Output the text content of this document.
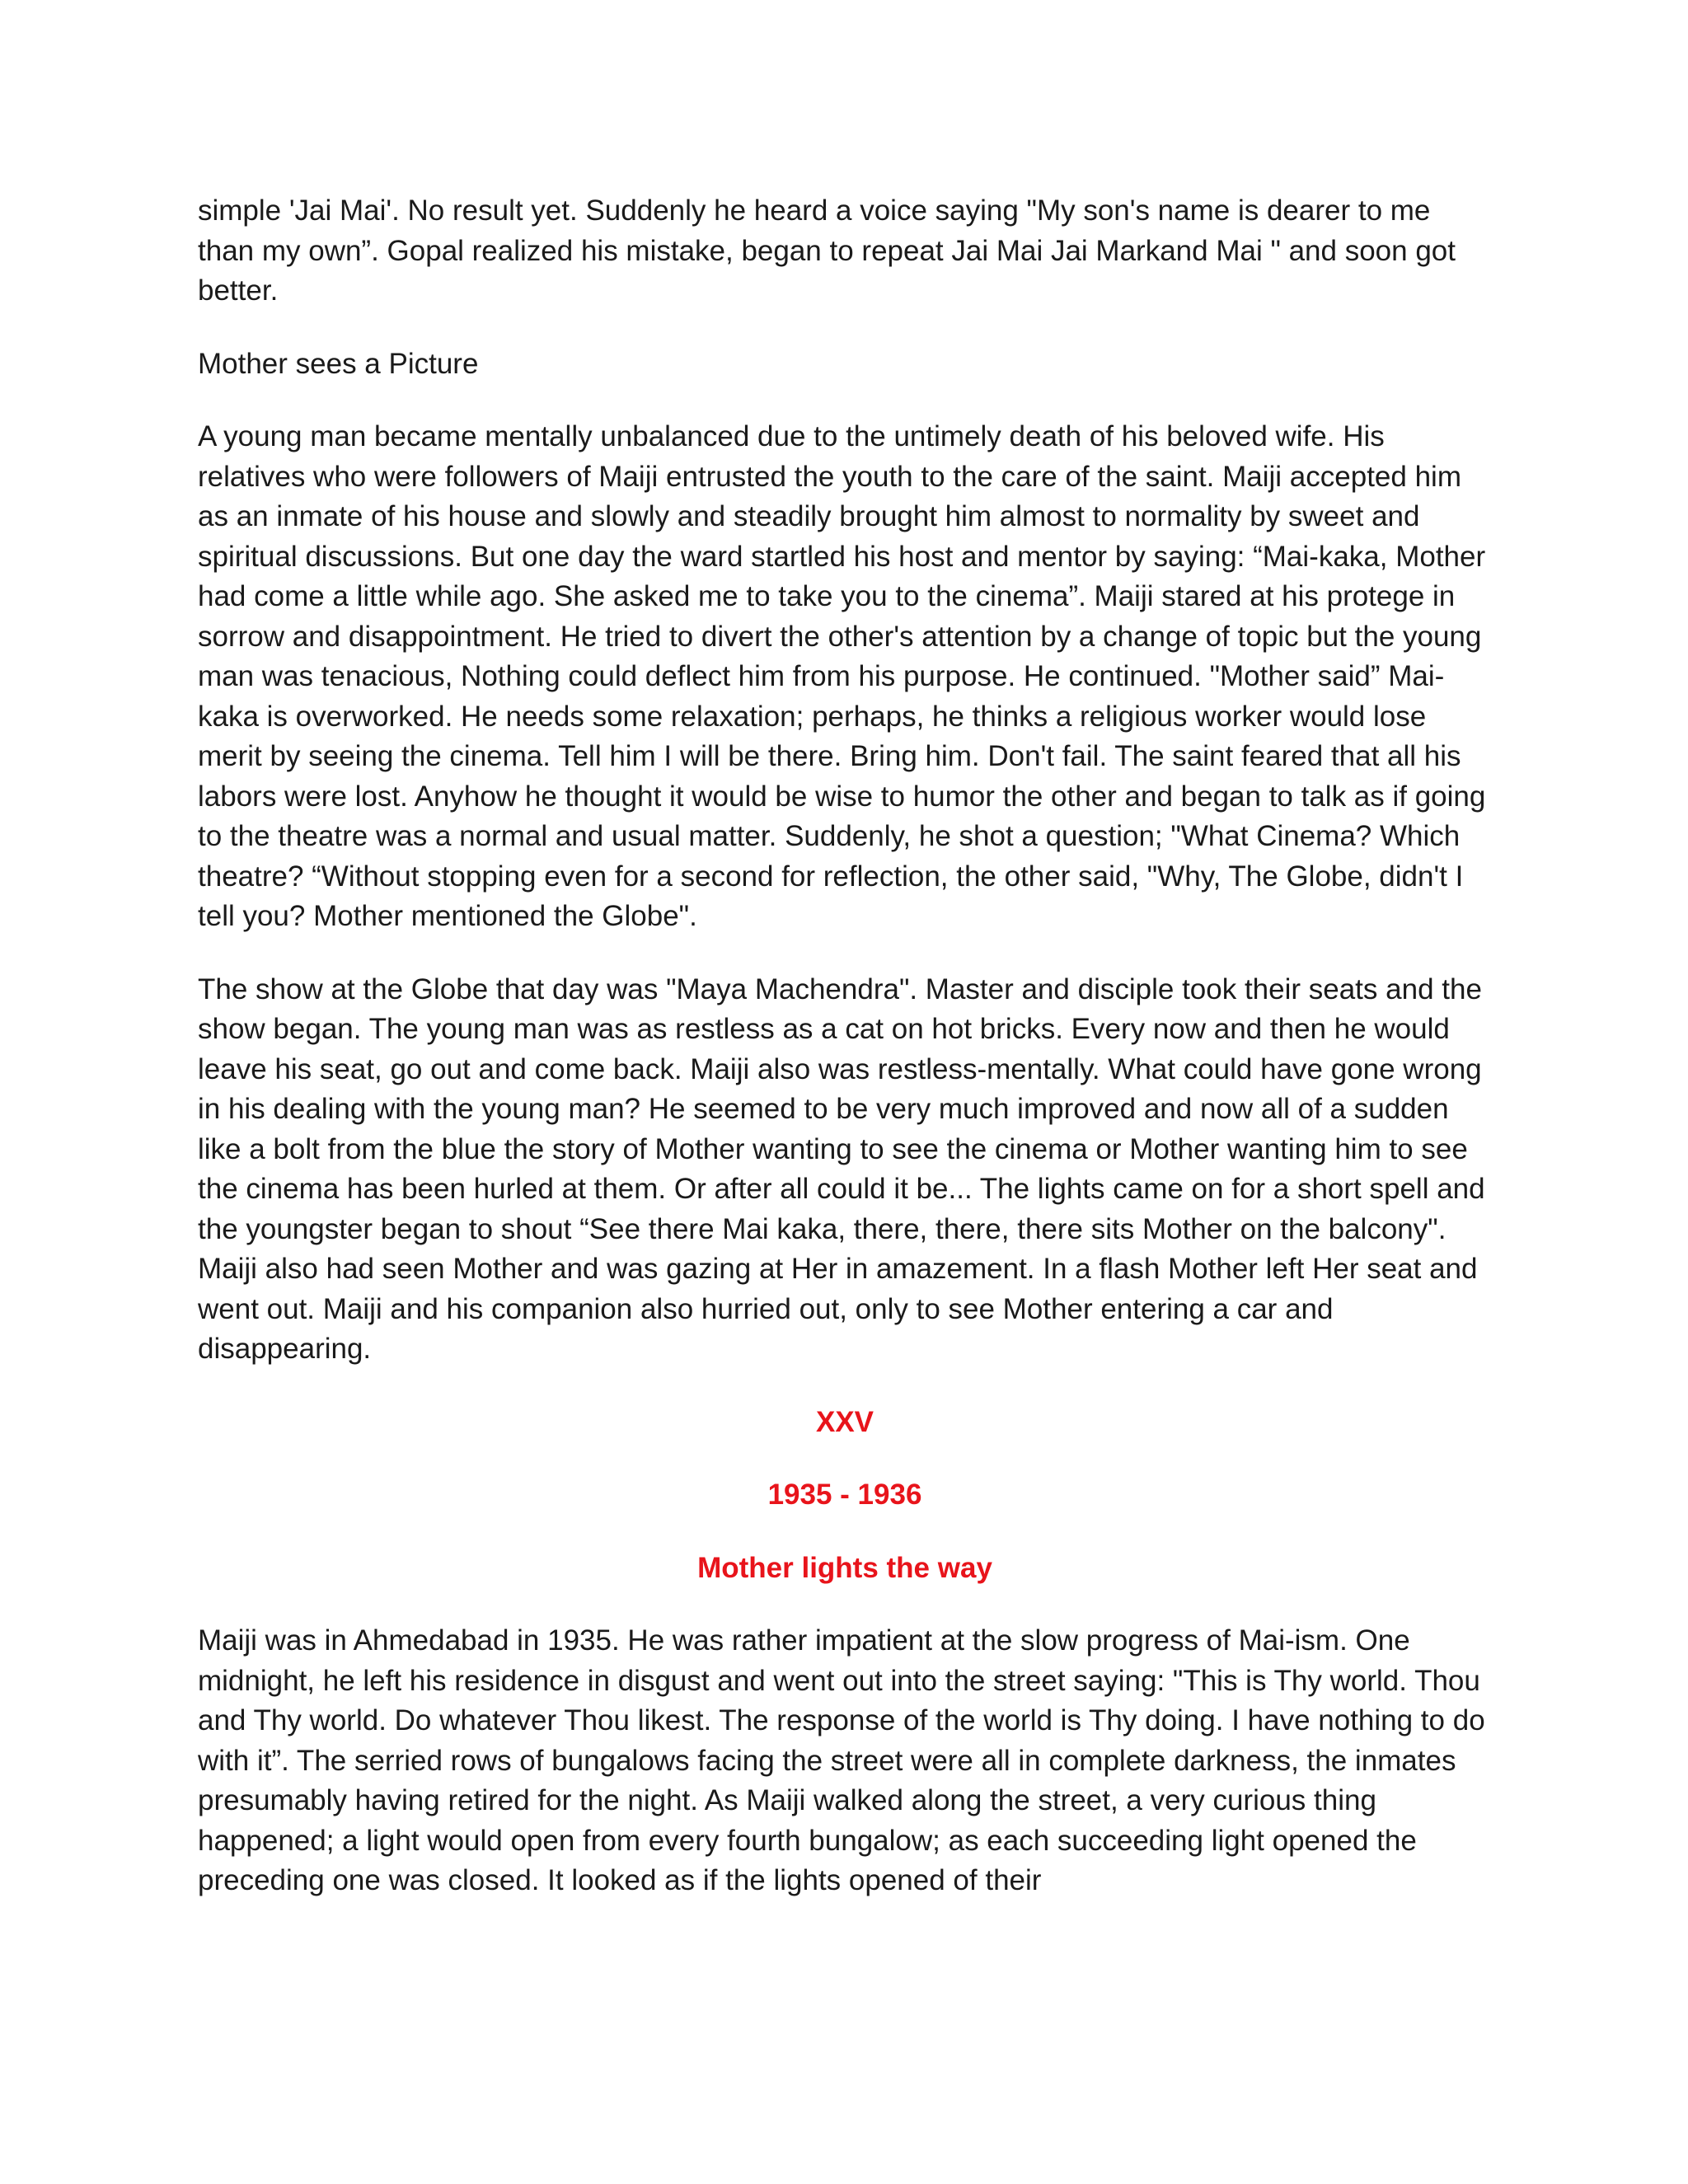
simple 'Jai Mai'. No result yet. Suddenly he heard a voice saying "My son's name is dearer to me than my own”. Gopal realized his mistake, began to repeat Jai Mai Jai Markand Mai " and soon got better.

Mother sees a Picture

A young man became mentally unbalanced due to the untimely death of his beloved wife. His relatives who were followers of Maiji entrusted the youth to the care of the saint. Maiji accepted him as an inmate of his house and slowly and steadily brought him almost to normality by sweet and spiritual discussions. But one day the ward startled his host and mentor by saying: “Mai-kaka, Mother had come a little while ago. She asked me to take you to the cinema”. Maiji stared at his protege in sorrow and disappointment. He tried to divert the other's attention by a change of topic but the young man was tenacious, Nothing could deflect him from his purpose. He continued. "Mother said” Mai-kaka is overworked. He needs some relaxation; perhaps, he thinks a religious worker would lose merit by seeing the cinema. Tell him I will be there. Bring him. Don't fail. The saint feared that all his labors were lost. Anyhow he thought it would be wise to humor the other and began to talk as if going to the theatre was a normal and usual matter. Suddenly, he shot a question; "What Cinema? Which theatre? “Without stopping even for a second for reflection, the other said, "Why, The Globe, didn't I tell you? Mother mentioned the Globe".

The show at the Globe that day was "Maya Machendra". Master and disciple took their seats and the show began. The young man was as restless as a cat on hot bricks. Every now and then he would leave his seat, go out and come back. Maiji also was restless-mentally. What could have gone wrong in his dealing with the young man? He seemed to be very much improved and now all of a sudden like a bolt from the blue the story of Mother wanting to see the cinema or Mother wanting him to see the cinema has been hurled at them. Or after all could it be... The lights came on for a short spell and the youngster began to shout “See there Mai kaka, there, there, there sits Mother on the balcony". Maiji also had seen Mother and was gazing at Her in amazement. In a flash Mother left Her seat and went out. Maiji and his companion also hurried out, only to see Mother entering a car and disappearing.

XXV

1935 - 1936

Mother lights the way

Maiji was in Ahmedabad in 1935. He was rather impatient at the slow progress of Mai-ism. One midnight, he left his residence in disgust and went out into the street saying: "This is Thy world. Thou and Thy world. Do whatever Thou likest. The response of the world is Thy doing. I have nothing to do with it”. The serried rows of bungalows facing the street were all in complete darkness, the inmates presumably having retired for the night. As Maiji walked along the street, a very curious thing happened; a light would open from every fourth bungalow; as each succeeding light opened the preceding one was closed. It looked as if the lights opened of their
